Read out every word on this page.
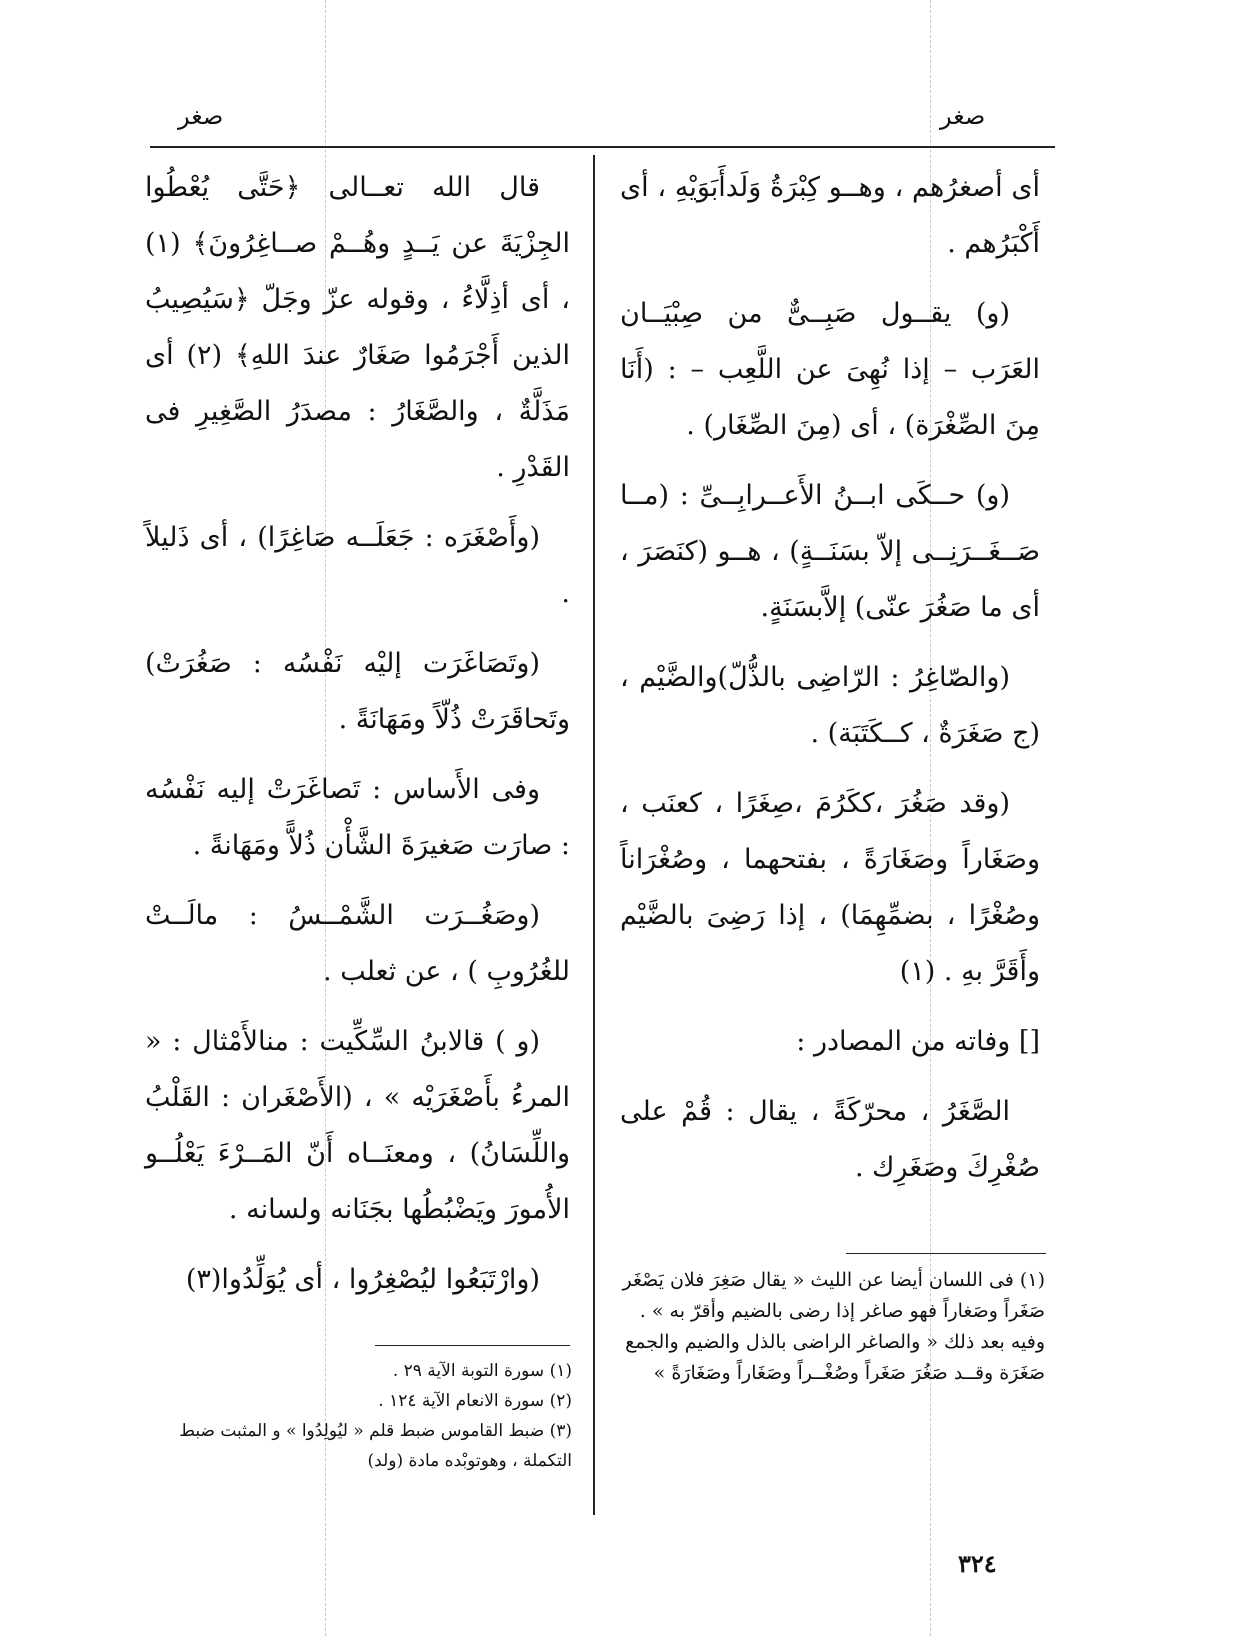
صغر	صغر

أى أصغرُهم ، وهــو كِبْرَةُ وَلَدأَبَوَيْهِ ، أى أَكْبَرُهم .

(و) يقــول صَبِــىٌّ من صِبْيَــان العَرَب – إذا نُهِىَ عن اللَّعِب – : (أَنَا مِنَ الصِّغْرَة) ، أى (مِنَ الصِّغَار) .

(و) حــكَى ابــنُ الأَعــرابِــىِّ : (مــا صَــغَــرَنِــى إلاّ بسَنَــةٍ) ، هــو (كنَصَرَ ، أى ما صَغُرَ عنّى) إلاَّبسَنَةٍ.

(والصّاغِرُ : الرّاضِى بالذُّلّ)والضَّيْم ، (ج صَغَرَةٌ ، كــكَتَبَة) .

(وقد صَغُرَ ،ككَرُمَ ،صِغَرًا ، كعنَب ، وصَغَاراً وصَغَارَةً ، بفتحهما ، وصُغْرَاناً وصُغْرًا ، بضمِّهِمَا) ، إذا رَضِىَ بالضَّيْم وأَقَرَّ بهِ . (١)

[] وفاته من المصادر :

الصَّغَرُ ، محرّكَةً ، يقال : قُمْ على صُغْرِكَ وصَغَرِك .

قال الله تعــالى ﴿حَتَّى يُعْطُوا الجِزْيَةَ عن يَــدٍ وهُــمْ صــاغِرُونَ﴾ (١) ، أى أذِلَّاءُ ، وقوله عزّ وجَلّ ﴿سَيُصِيبُ الذين أَجْرَمُوا صَغَارٌ عندَ اللهِ﴾ (٢) أى مَذَلَّةٌ ، والصَّغَارُ : مصدَرُ الصَّغِيرِ فى القَدْرِ .

(وأَصْغَرَه : جَعَلَــه صَاغِرًا) ، أى ذَليلاً .

(وتَصَاغَرَت إليْه نَفْسُه : صَغُرَتْ) وتَحاقَرَتْ ذُلّاً ومَهَانَةً .

وفى الأَساس : تَصاغَرَتْ إليه نَفْسُه : صارَت صَغيرَةَ الشَّأْن ذُلاًّ ومَهَانةً .

(وصَغُــرَت الشَّمْــسُ : مالَــتْ للغُرُوبِ ) ، عن ثعلب .

(و ) قالابنُ السِّكِّيت : منالأَمْثال : « المرءُ بأَصْغَرَيْه » ، (الأَصْغَران : القَلْبُ واللِّسَانُ) ، ومعنَــاه أَنّ المَــرْءَ يَعْلُــو الأُمورَ ويَضْبُطُها بجَنَانه ولسانه .

(وارْتَبَعُوا ليُصْغِرُوا ، أى يُوَلِّدُوا(٣)	(١) فى اللسان أيضا عن الليث « يقال صَغِرَ فلان يَصْغَر صَغَراً وصَغاراً فهو صاغر إذا رضى بالضيم وأقرّ به » . وفيه بعد ذلك « والصاغر الراضى بالذل والضيم والجمع صَغَرَة وقــد صَغُرَ صَغَراً وصُغْــراً وصَغَاراً وصَغَارَةً »

(١) سورة التوبة الآية ٢٩ .

(٢) سورة الانعام الآية ١٢٤ .

(٣) ضبط القاموس ضبط قلم « ليُولِدُوا » و المثبت ضبط التكملة ، وهوتوبْده مادة (ولد)

٣٢٤
